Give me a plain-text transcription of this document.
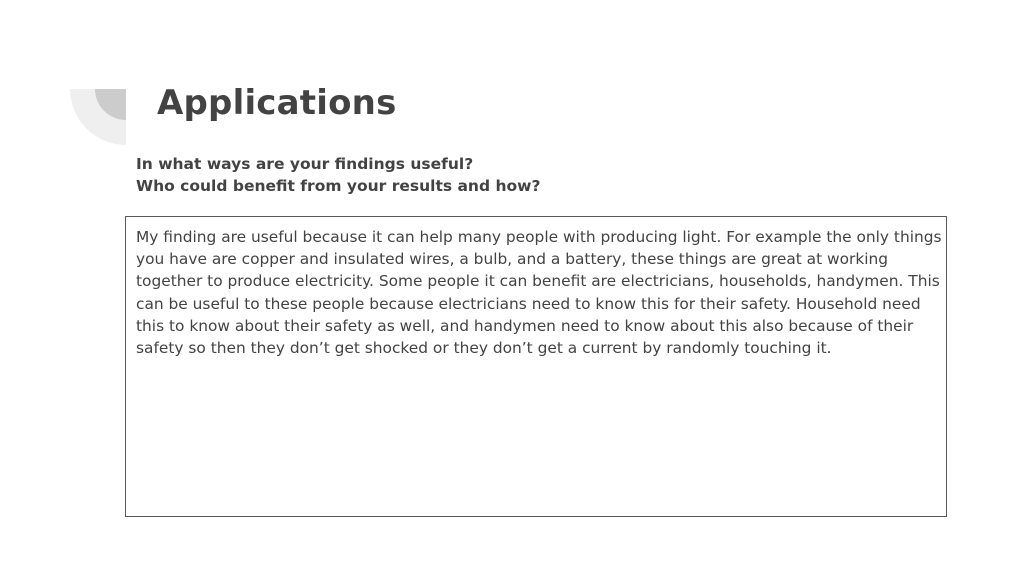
Applications
In what ways are your findings useful?
Who could benefit from your results and how?

My finding are useful because it can help many people with producing light. For example the only things you have are copper and insulated wires, a bulb, and a battery, these things are great at working together to produce electricity. Some people it can benefit are electricians, households, handymen. This can be useful to these people because electricians need to know this for their safety. Household need this to know about their safety as well, and handymen need to know about this also because of their safety so then they don’t get shocked or they don’t get a current by randomly touching it.
